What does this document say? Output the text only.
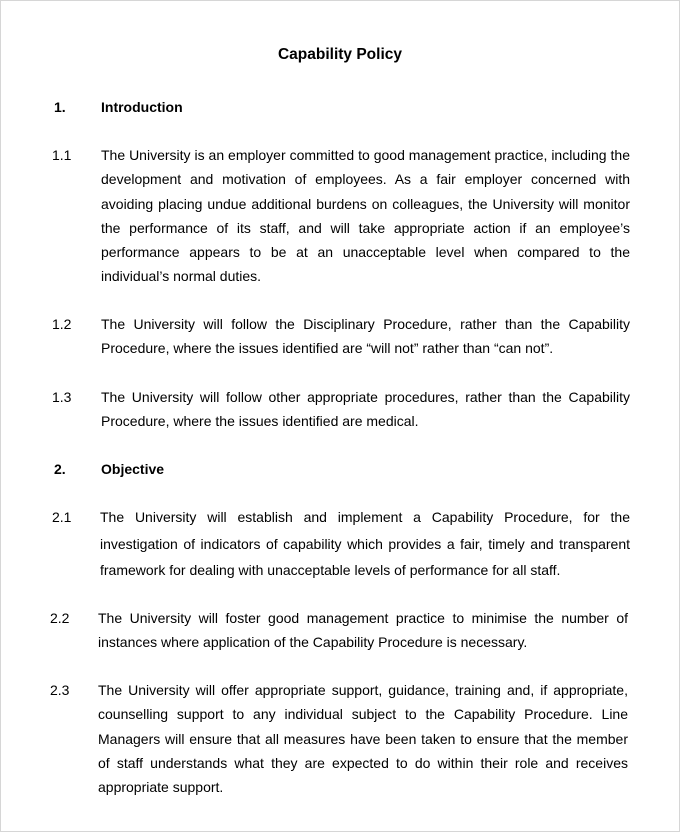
Capability Policy
1.	Introduction
1.1 The University is an employer committed to good management practice, including the
development and motivation of employees. As a fair employer concerned with
avoiding placing undue additional burdens on colleagues, the University will monitor
the performance of its staff, and will take appropriate action if an employee’s
performance appears to be at an unacceptable level when compared to the
individual’s normal duties.
1.2 The University will follow the Disciplinary Procedure, rather than the Capability
Procedure, where the issues identified are “will not” rather than “can not”.
1.3 The University will follow other appropriate procedures, rather than the Capability
Procedure, where the issues identified are medical.
2.	Objective
2.1 The University will establish and implement a Capability Procedure, for the
investigation of indicators of capability which provides a fair, timely and transparent
framework for dealing with unacceptable levels of performance for all staff.
2.2 The University will foster good management practice to minimise the number of
instances where application of the Capability Procedure is necessary.
2.3 The University will offer appropriate support, guidance, training and, if appropriate,
counselling support to any individual subject to the Capability Procedure. Line
Managers will ensure that all measures have been taken to ensure that the member
of staff understands what they are expected to do within their role and receives
appropriate support.
